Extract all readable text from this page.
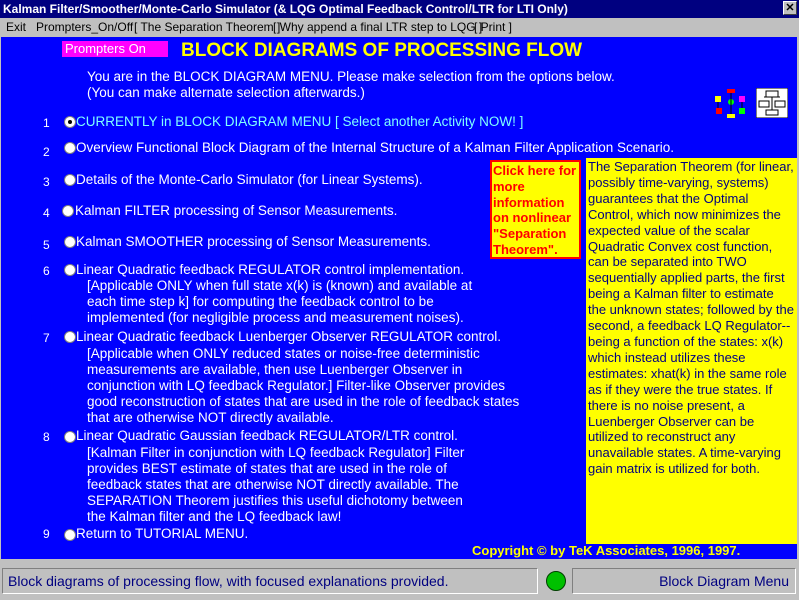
Kalman Filter/Smoother/Monte-Carlo Simulator (& LQG Optimal Feedback Control/LTR for LTI Only)	✕
Exit Prompters_On/Off [ The Separation Theorem ]
[ Why append a final LTR step to LQG ]
[ Print ]
Prompters On	BLOCK DIAGRAMS OF PROCESSING FLOW
You are in the BLOCK DIAGRAM MENU. Please make selection from the options below.
(You can make alternate selection afterwards.)
1 CURRENTLY in BLOCK DIAGRAM MENU [ Select another Activity NOW! ]
2 Overview Functional Block Diagram of the Internal Structure of a Kalman Filter Application Scenario.
3 Details of the Monte-Carlo Simulator (for Linear Systems).
4 Kalman FILTER processing of Sensor Measurements.
5 Kalman SMOOTHER processing of Sensor Measurements.
6 Linear Quadratic feedback REGULATOR control implementation.
[Applicable ONLY when full state x(k) is (known) and available at
each time step k] for computing the feedback control to be
implemented (for negligible process and measurement noises).
7 Linear Quadratic feedback Luenberger Observer REGULATOR control.
[Applicable when ONLY reduced states or noise-free deterministic
measurements are available, then use Luenberger Observer in
conjunction with LQ feedback Regulator.] Filter-like Observer provides
good reconstruction of states that are used in the role of feedback states
that are otherwise NOT directly available.
8 Linear Quadratic Gaussian feedback REGULATOR/LTR control.
[Kalman Filter in conjunction with LQ feedback Regulator] Filter
provides BEST estimate of states that are used in the role of
feedback states that are otherwise NOT directly available. The
SEPARATION Theorem justifies this useful dichotomy between
the Kalman filter and the LQ feedback law!
9 Return to TUTORIAL MENU.
Click here for more information on nonlinear "Separation Theorem".
The Separation Theorem (for linear, possibly time-varying, systems) guarantees that the Optimal Control, which now minimizes the expected value of the scalar Quadratic Convex cost function, can be separated into TWO sequentially applied parts, the first being a Kalman filter to estimate the unknown states; followed by the second, a feedback LQ Regulator--being a function of the states: x(k) which instead utilizes these estimates: xhat(k) in the same role as if they were the true states. If there is no noise present, a Luenberger Observer can be utilized to reconstruct any unavailable states. A time-varying gain matrix is utilized for both.
Copyright © by TeK Associates, 1996, 1997.
Block diagrams of processing flow, with focused explanations provided.	Block Diagram Menu
